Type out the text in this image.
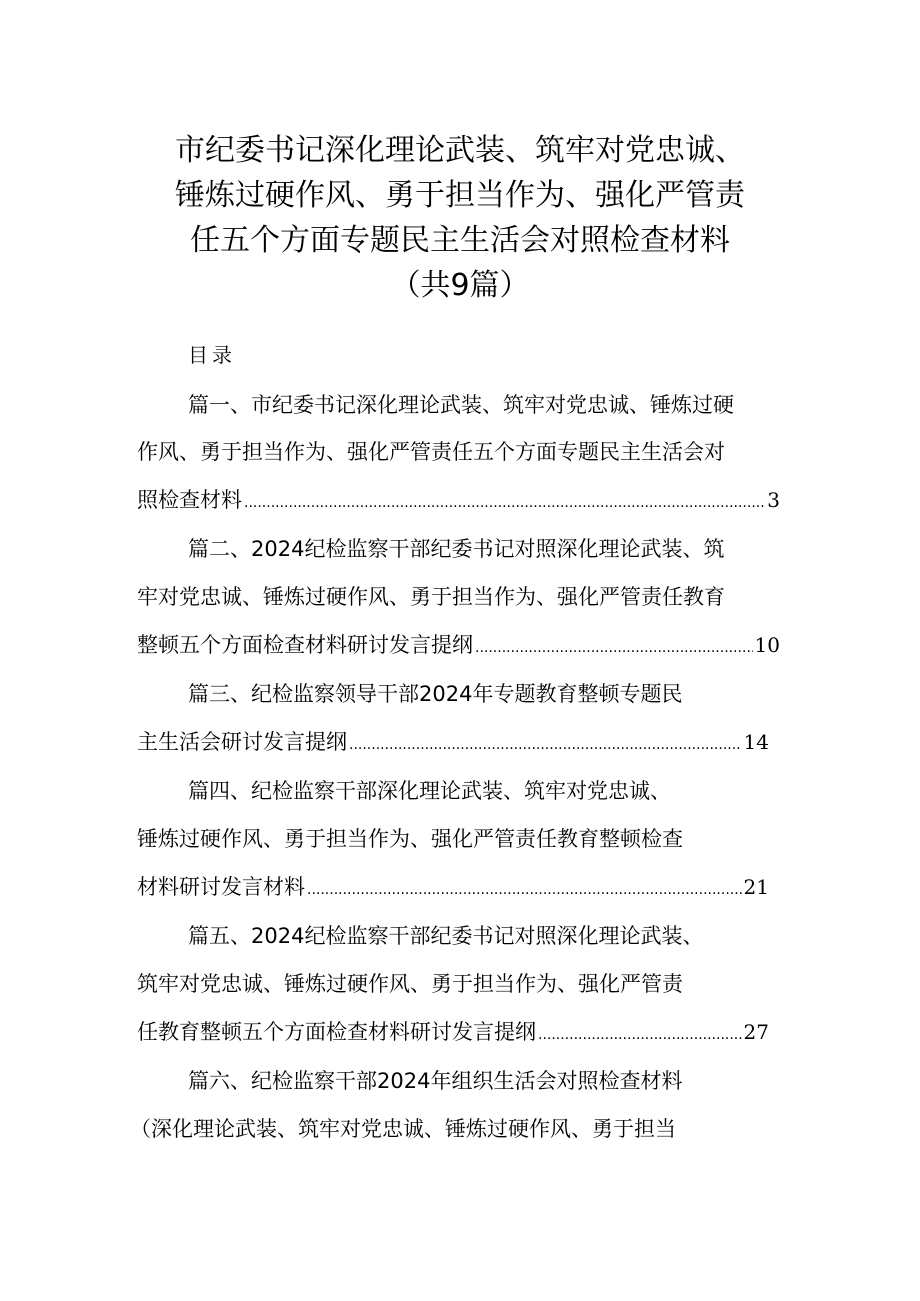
市纪委书记深化理论武装、筑牢对党忠诚、
锤炼过硬作风、勇于担当作为、强化严管责
任五个方面专题民主生活会对照检查材料
（共9篇）
目录
篇一、市纪委书记深化理论武装、筑牢对党忠诚、锤炼过硬
作风、勇于担当作为、强化严管责任五个方面专题民主生活会对
照检查材料 .....	3
篇二、2024纪检监察干部纪委书记对照深化理论武装、筑
牢对党忠诚、锤炼过硬作风、勇于担当作为、强化严管责任教育
整顿五个方面检查材料研讨发言提纲 .....	10
篇三、纪检监察领导干部2024年专题教育整顿专题民
主生活会研讨发言提纲 .....	14
篇四、纪检监察干部深化理论武装、筑牢对党忠诚、
锤炼过硬作风、勇于担当作为、强化严管责任教育整顿检查
材料研讨发言材料 .....	21
篇五、2024纪检监察干部纪委书记对照深化理论武装、
筑牢对党忠诚、锤炼过硬作风、勇于担当作为、强化严管责
任教育整顿五个方面检查材料研讨发言提纲 .....	27
篇六、纪检监察干部2024年组织生活会对照检查材料
（深化理论武装、筑牢对党忠诚、锤炼过硬作风、勇于担当
